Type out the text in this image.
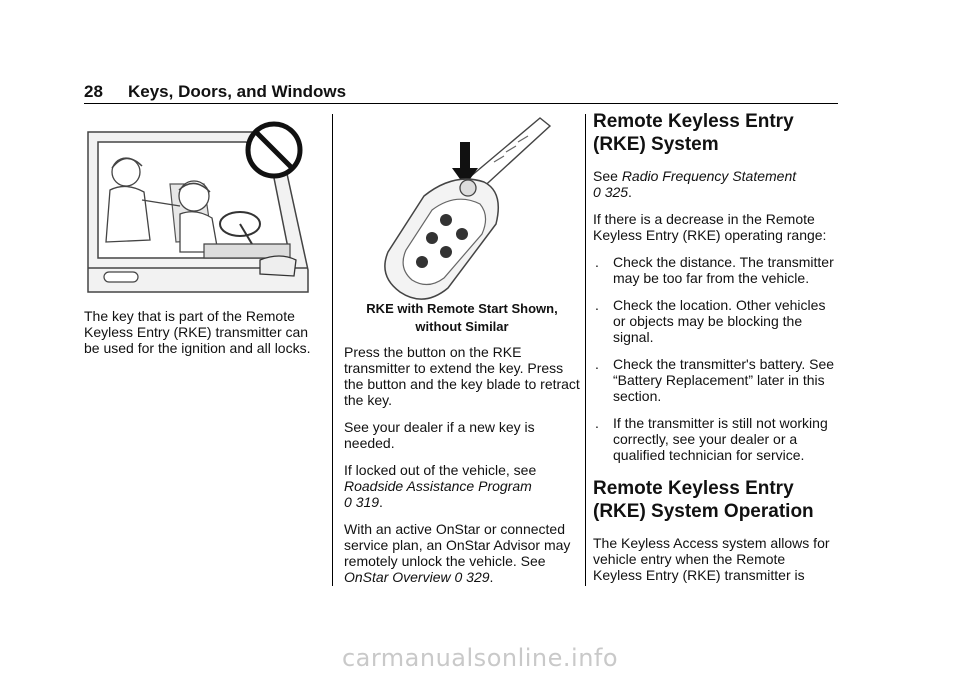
28 Keys, Doors, and Windows

The key that is part of the Remote Keyless Entry (RKE) transmitter can be used for the ignition and all locks.

RKE with Remote Start Shown,
without Similar

Press the button on the RKE transmitter to extend the key. Press the button and the key blade to retract the key.

See your dealer if a new key is needed.

If locked out of the vehicle, see
Roadside Assistance Program
0 319.

With an active OnStar or connected service plan, an OnStar Advisor may remotely unlock the vehicle. See OnStar Overview 0 329.

Remote Keyless Entry (RKE) System

See Radio Frequency Statement
0 325.

If there is a decrease in the Remote Keyless Entry (RKE) operating range:

. Check the distance. The transmitter may be too far from the vehicle.
. Check the location. Other vehicles or objects may be blocking the signal.
. Check the transmitter's battery. See “Battery Replacement” later in this section.
. If the transmitter is still not working correctly, see your dealer or a qualified technician for service.
Remote Keyless Entry (RKE) System Operation

The Keyless Access system allows for vehicle entry when the Remote Keyless Entry (RKE) transmitter is

carmanualsonline.info
